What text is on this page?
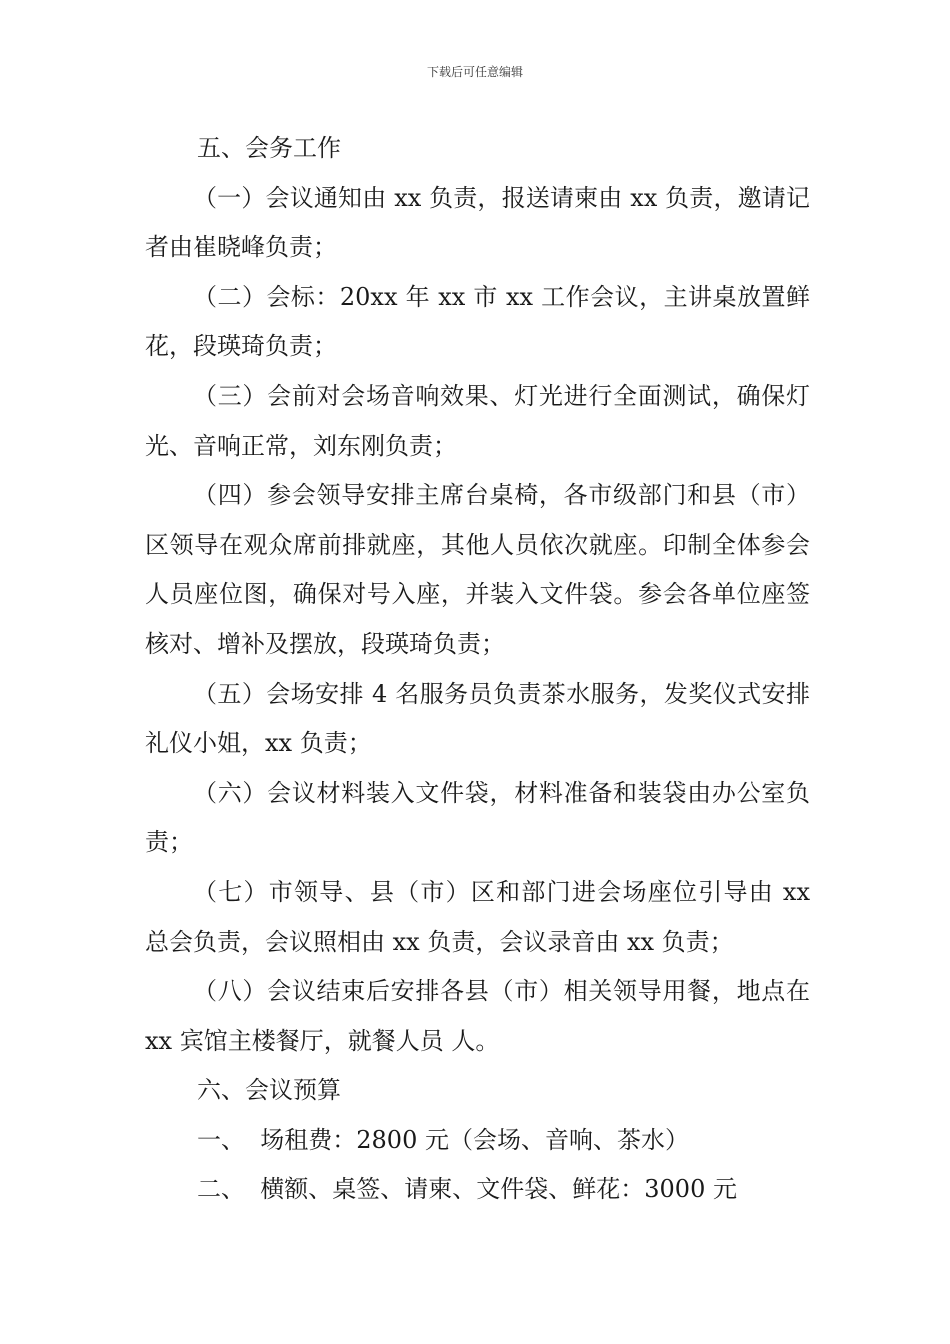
下载后可任意编辑

五、会务工作

（一）会议通知由 xx 负责，报送请柬由 xx 负责，邀请记者由崔晓峰负责；

（二）会标：20xx 年 xx 市 xx 工作会议，主讲桌放置鲜花，段瑛琦负责；

（三）会前对会场音响效果、灯光进行全面测试，确保灯光、音响正常，刘东刚负责；

（四）参会领导安排主席台桌椅，各市级部门和县（市）区领导在观众席前排就座，其他人员依次就座。印制全体参会人员座位图，确保对号入座，并装入文件袋。参会各单位座签核对、增补及摆放，段瑛琦负责；

（五）会场安排 4 名服务员负责茶水服务，发奖仪式安排礼仪小姐，xx 负责；

（六）会议材料装入文件袋，材料准备和装袋由办公室负责；

（七）市领导、县（市）区和部门进会场座位引导由 xx 总会负责，会议照相由 xx 负责，会议录音由 xx 负责；

（八）会议结束后安排各县（市）相关领导用餐，地点在 xx 宾馆主楼餐厅，就餐人员 人。

六、会议预算

一、  场租费：2800 元（会场、音响、茶水）

二、  横额、桌签、请柬、文件袋、鲜花：3000 元
